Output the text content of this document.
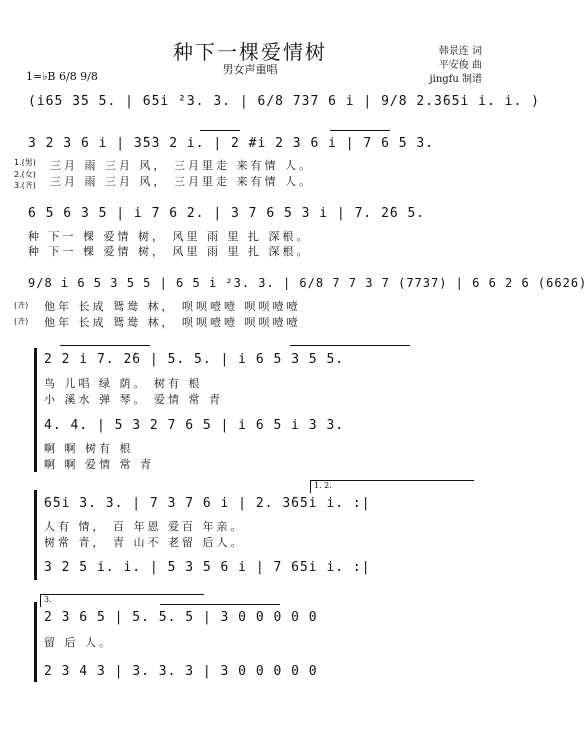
种下一棵爱情树
男女声重唱
韩景连 词
平安俊 曲
jingfu 制谱
1=♭B 6/8 9/8
(i65 3̇5 5. | 6̇5i ²3. 3. | 6/8 737 6 i | 9/8 2.3̇65i i. i. )
3 2 3 6 i | 3̇5̇3 2 i. | 2 #i 2 3 6 i | 7 6 5 3.
1.(男)
2.(女)
3.(齐)
三月 雨 三月 风， 三月里走 来有情 人。
三月 雨 三月 风， 三月里走 来有情 人。
6 5 6 3 5 | i 7 6 2. | 3 7 6 5 3 i | 7. 2̇6 5.
种 下一 棵 爱情 树， 风里 雨 里 扎 深根。
种 下一 棵 爱情 树， 风里 雨 里 扎 深根。
9/8 i 6 5 3 5 5 | 6 5 i ²3. 3. | 6/8 7 7 3 7 (7737) | 6 6 2 6 (6626)
(齐)
(齐)
他年 长成 鸳鸯 林， 呗呗噎噎 呗呗噎噎
他年 长成 鸳鸯 林， 呗呗噎噎 呗呗噎噎
2 2 i 7. 2̇6 | 5. 5. | i 6 5 3 5 5.
鸟 儿唱 绿 荫。 树有 根
小 溪水 弹 琴。 爱情 常 青
4. 4. | 5 3 2 7 6 5 | i 6 5 i 3 3.
啊 啊 树有 根
啊 啊 爱情 常 青
1. 2.
6̇5i 3. 3. | 7 3 7 6 i | 2. 3̇65i i. :|
人有 情， 百 年恩 爱百 年亲。
树常 青， 青 山不 老留 后人。
3 2 5 i. i. | 5 3 5 6 i | 7 65i i. :|
3.
2 3 6 5 | 5. 5. 5 | 3 0 0 0 0 0
留 后 人。
2 3 4 3 | 3. 3. 3 | 3 0 0 0 0 0
